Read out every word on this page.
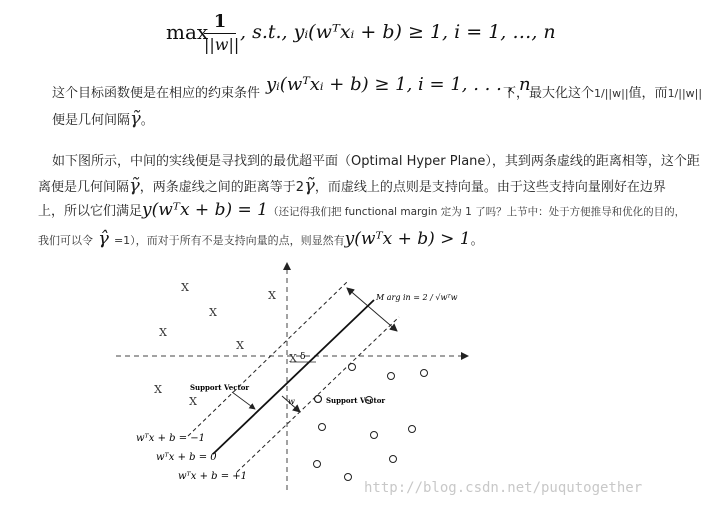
max 1
||w||
, s.t., yᵢ(wᵀxᵢ + b) ≥ 1, i = 1, …, n
这个目标函数便是在相应的约束条件 yᵢ(wᵀxᵢ + b) ≥ 1, i = 1, . . . , n
下，最大化这个1/||w||值，而1/||w||
便是几何间隔γ̃。
如下图所示，中间的实线便是寻找到的最优超平面（Optimal Hyper Plane），其到两条虚线的距离相等，这个距
离便是几何间隔γ̃，两条虚线之间的距离等于2γ̃，而虚线上的点则是支持向量。由于这些支持向量刚好在边界
上，所以它们满足y(wᵀx + b) = 1（还记得我们把 functional margin 定为 1 了吗？上节中：处于方便推导和优化的目的，
我们可以令 γ̂ =1），而对于所有不是支持向量的点，则显然有y(wᵀx + b) > 1。
M arg in = 2 / √wᵀw
δ
w
Support Vector
Support Vector
wᵀx + b = −1
wᵀx + b = 0
wᵀx + b = +1
X
X
X
X
X
X
X
X
http://blog.csdn.net/puqutogether
